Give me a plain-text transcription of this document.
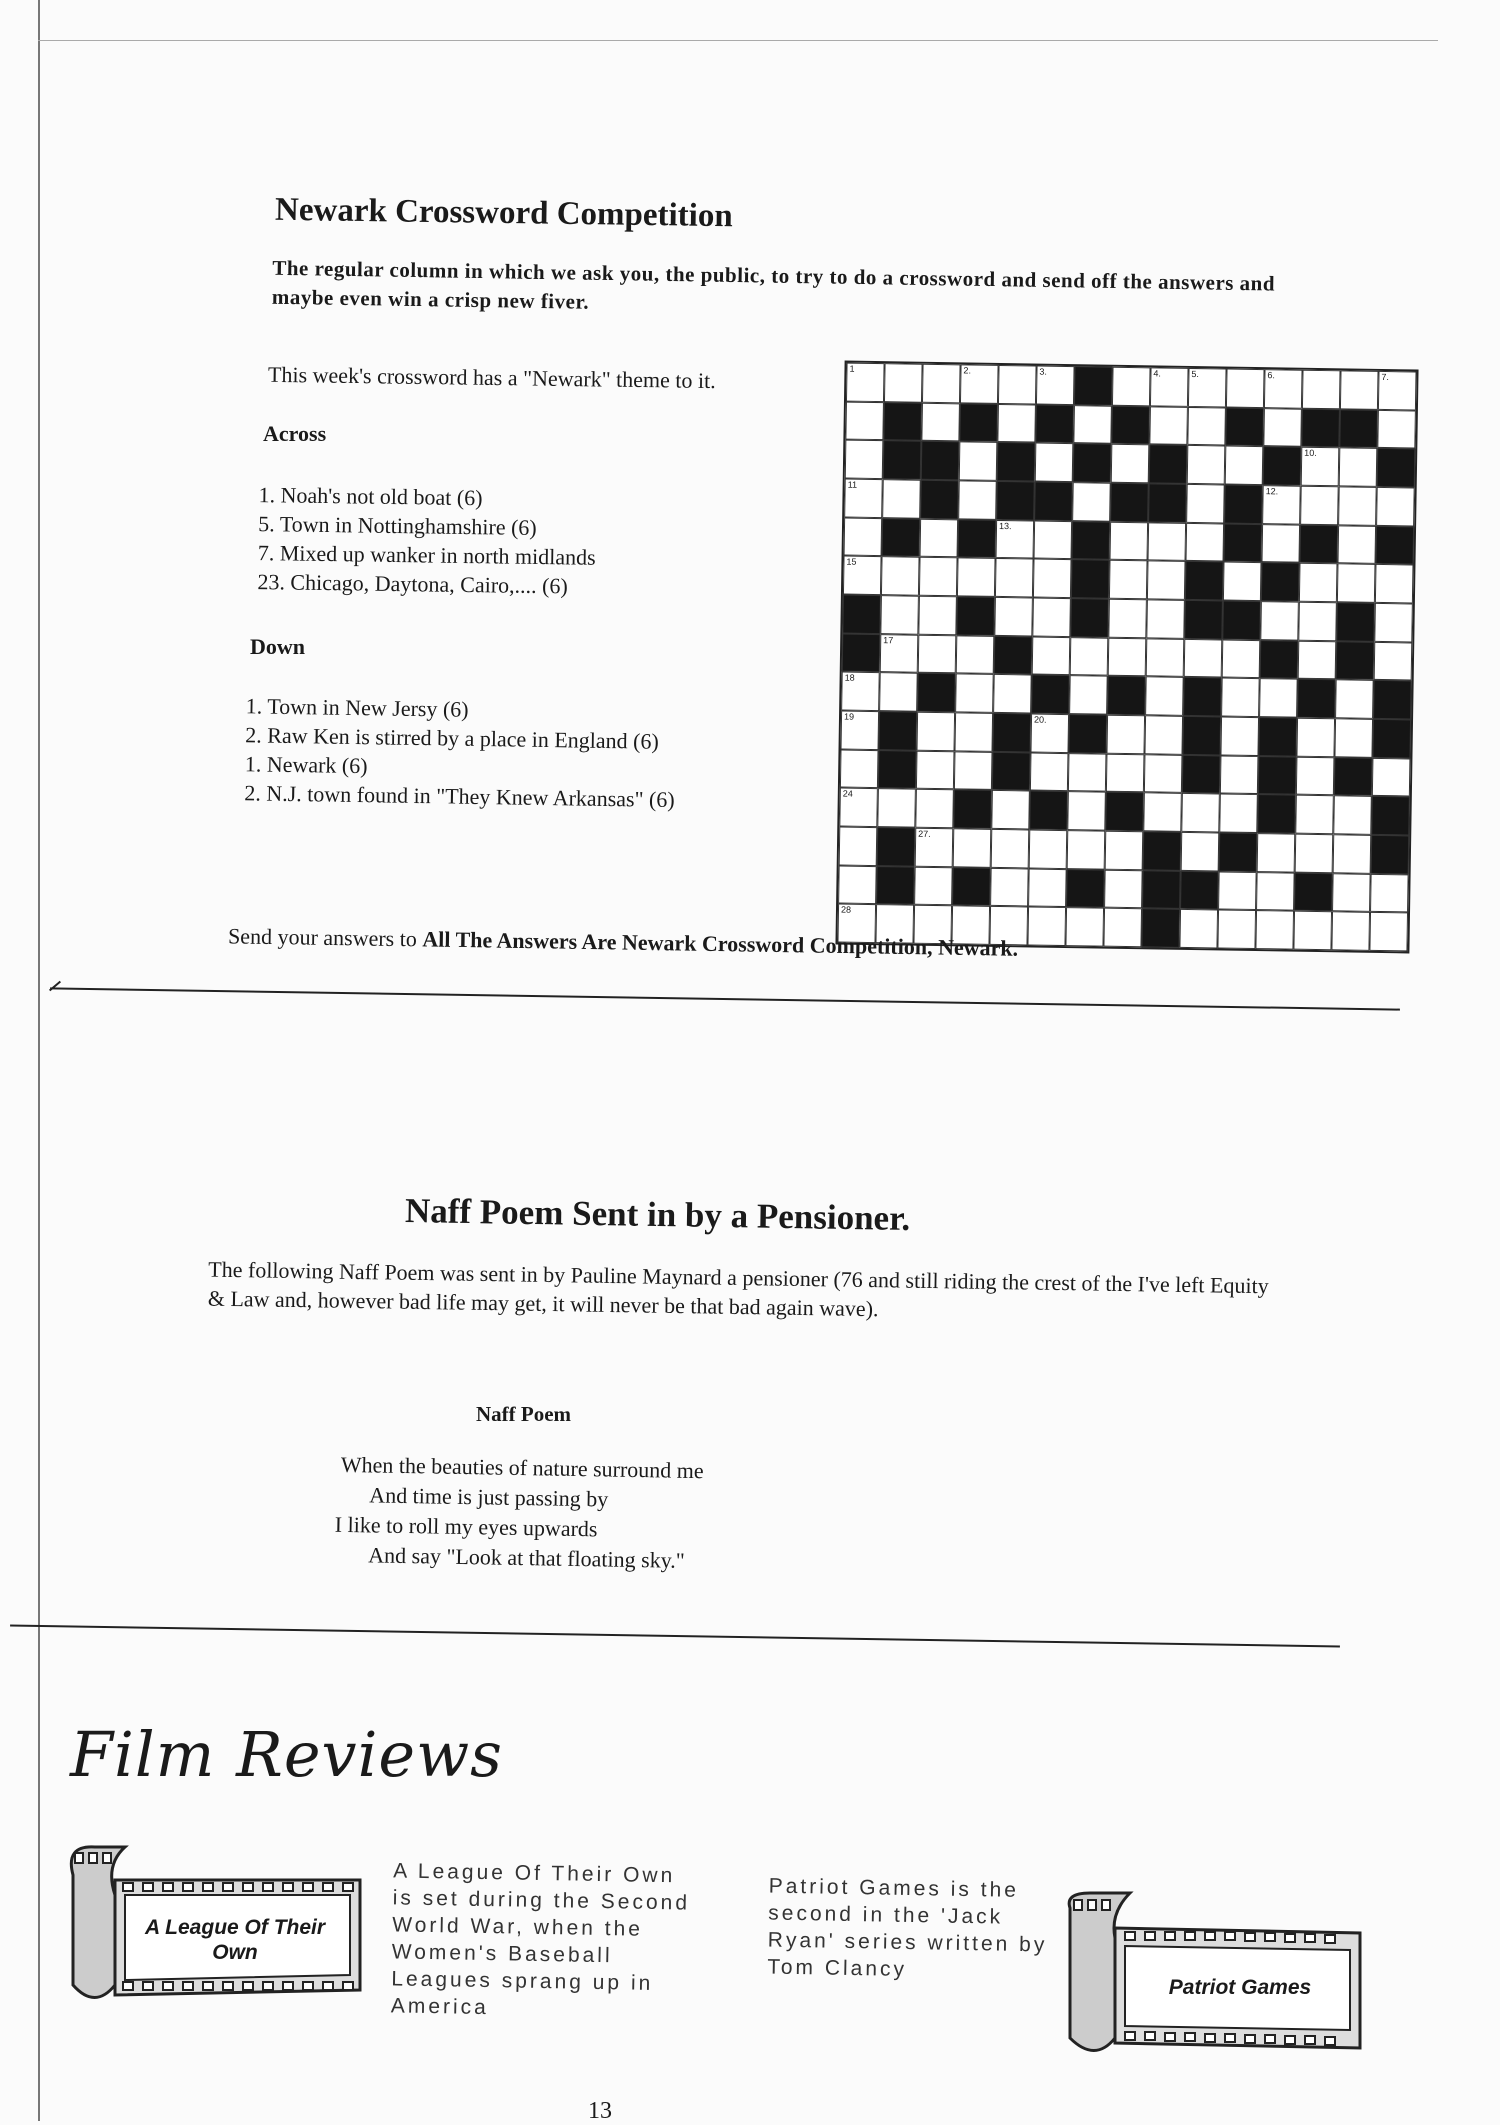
Newark Crossword Competition

The regular column in which we ask you, the public, to try to do a crossword and send off the answers and maybe even win a crisp new fiver.

This week's crossword has a "Newark" theme to it.

Across
1. Noah's not old boat (6)
5. Town in Nottinghamshire (6)
7. Mixed up wanker in north midlands
23. Chicago, Daytona, Cairo,.... (6)
Down
1. Town in New Jersy (6)
2. Raw Ken is stirred by a place in England (6)
1. Newark (6)
2. N.J. town found in "They Knew Arkansas" (6)
1	2.	3.	4.	5.	6.	7.
10.
11
12.
13.
15
17
18
19	20.
24
27.
28

Send your answers to All The Answers Are Newark Crossword Competition, Newark.

Naff Poem Sent in by a Pensioner.

The following Naff Poem was sent in by Pauline Maynard a pensioner (76 and still riding the crest of the I've left Equity & Law and, however bad life may get, it will never be that bad again wave).

Naff Poem
When the beauties of nature surround me
And time is just passing by
I like to roll my eyes upwards
And say "Look at that floating sky."
Film Reviews
A League Of Their Own
A League Of Their Own is set during the Second World War, when the Women's Baseball Leagues sprang up in America
Patriot Games is the second in the 'Jack Ryan' series written by Tom Clancy
Patriot Games
13
